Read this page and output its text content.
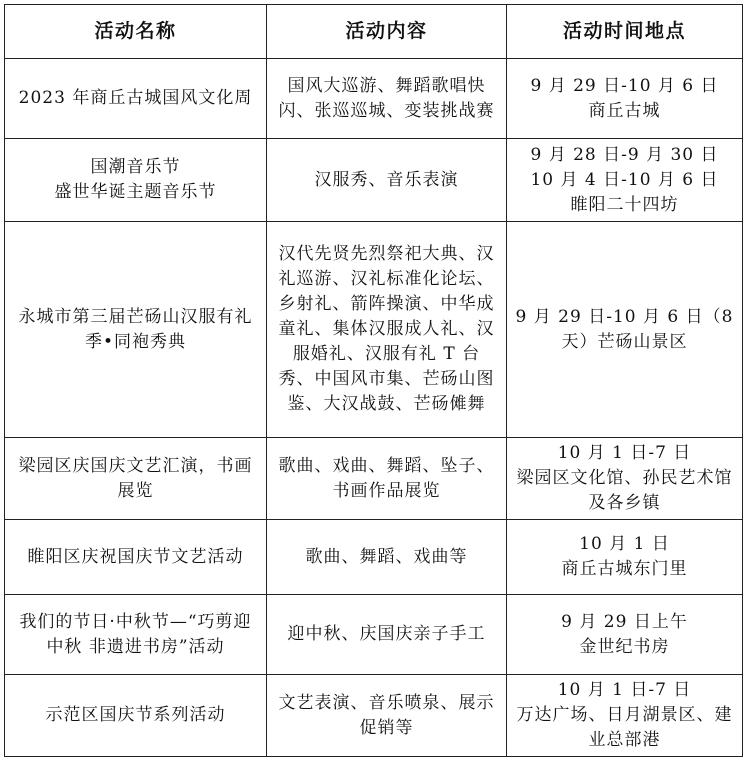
活动名称	活动内容	活动时间地点

2023 年商丘古城国风文化周	国风大巡游、舞蹈歌唱快闪、张巡巡城、变装挑战赛	9 月 29 日-10 月 6 日
商丘古城

国潮音乐节
盛世华诞主题音乐节	汉服秀、音乐表演	9 月 28 日-9 月 30 日
10 月 4 日-10 月 6 日
睢阳二十四坊

永城市第三届芒砀山汉服有礼季•同袍秀典	汉代先贤先烈祭祀大典、汉礼巡游、汉礼标准化论坛、乡射礼、箭阵操演、中华成童礼、集体汉服成人礼、汉服婚礼、汉服有礼 T 台秀、中国风市集、芒砀山图鉴、大汉战鼓、芒砀傩舞	9 月 29 日-10 月 6 日（8 天）芒砀山景区

梁园区庆国庆文艺汇演，书画展览	歌曲、戏曲、舞蹈、坠子、书画作品展览	10 月 1 日-7 日
梁园区文化馆、孙民艺术馆及各乡镇

睢阳区庆祝国庆节文艺活动	歌曲、舞蹈、戏曲等	10 月 1 日
商丘古城东门里

我们的节日·中秋节—“巧剪迎中秋 非遗进书房”活动	迎中秋、庆国庆亲子手工	9 月 29 日上午
金世纪书房

示范区国庆节系列活动	文艺表演、音乐喷泉、展示促销等	10 月 1 日-7 日
万达广场、日月湖景区、建业总部港
